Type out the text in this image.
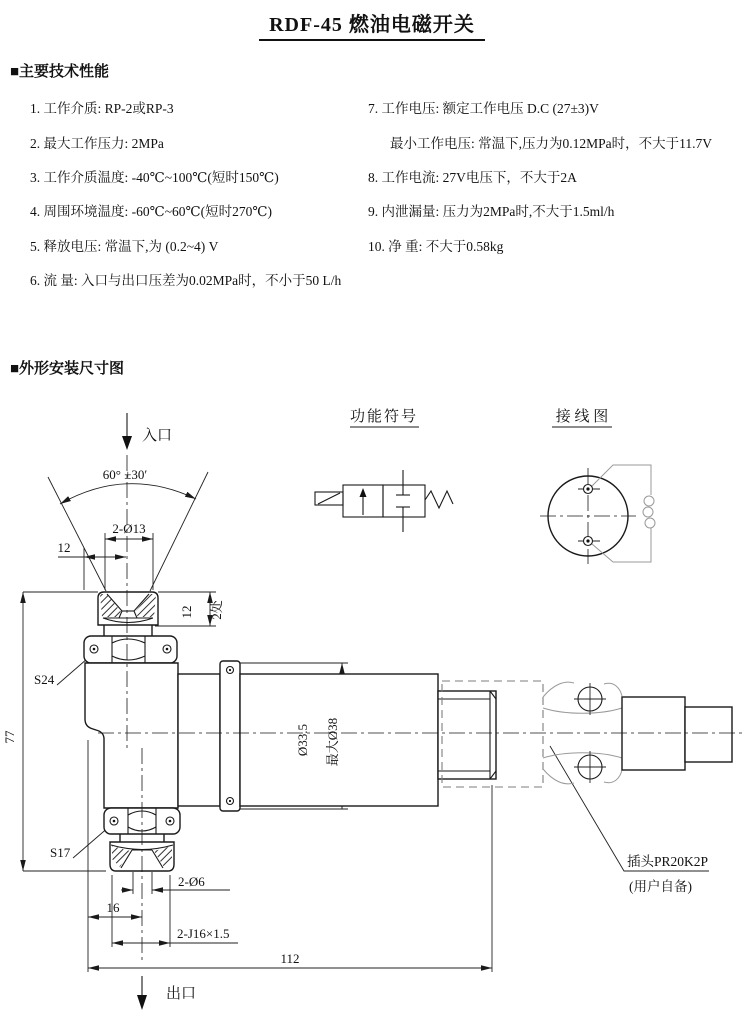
RDF-45 燃油电磁开关
■主要技术性能
1. 工作介质: RP-2或RP-3
2. 最大工作压力: 2MPa
3. 工作介质温度: -40℃~100℃(短时150℃)
4. 周围环境温度: -60℃~60℃(短时270℃)
5. 释放电压: 常温下,为 (0.2~4) V
6. 流 量: 入口与出口压差为0.02MPa时，不小于50 L/h
7. 工作电压: 额定工作电压 D.C (27±3)V
最小工作电压: 常温下,压力为0.12MPa时，不大于11.7V
8. 工作电流: 27V电压下，不大于2A
9. 内泄漏量: 压力为2MPa时,不大于1.5ml/h
10. 净 重: 不大于0.58kg
■外形安装尺寸图
功能符号	接 线 图
入口
出口
60° ±30′
2-Ø13
12
12 2处
S24
77
S17
Ø33.5 最大Ø38
2-Ø6
16
2-J16×1.5
112
插头PR20K2P
(用户自备)
